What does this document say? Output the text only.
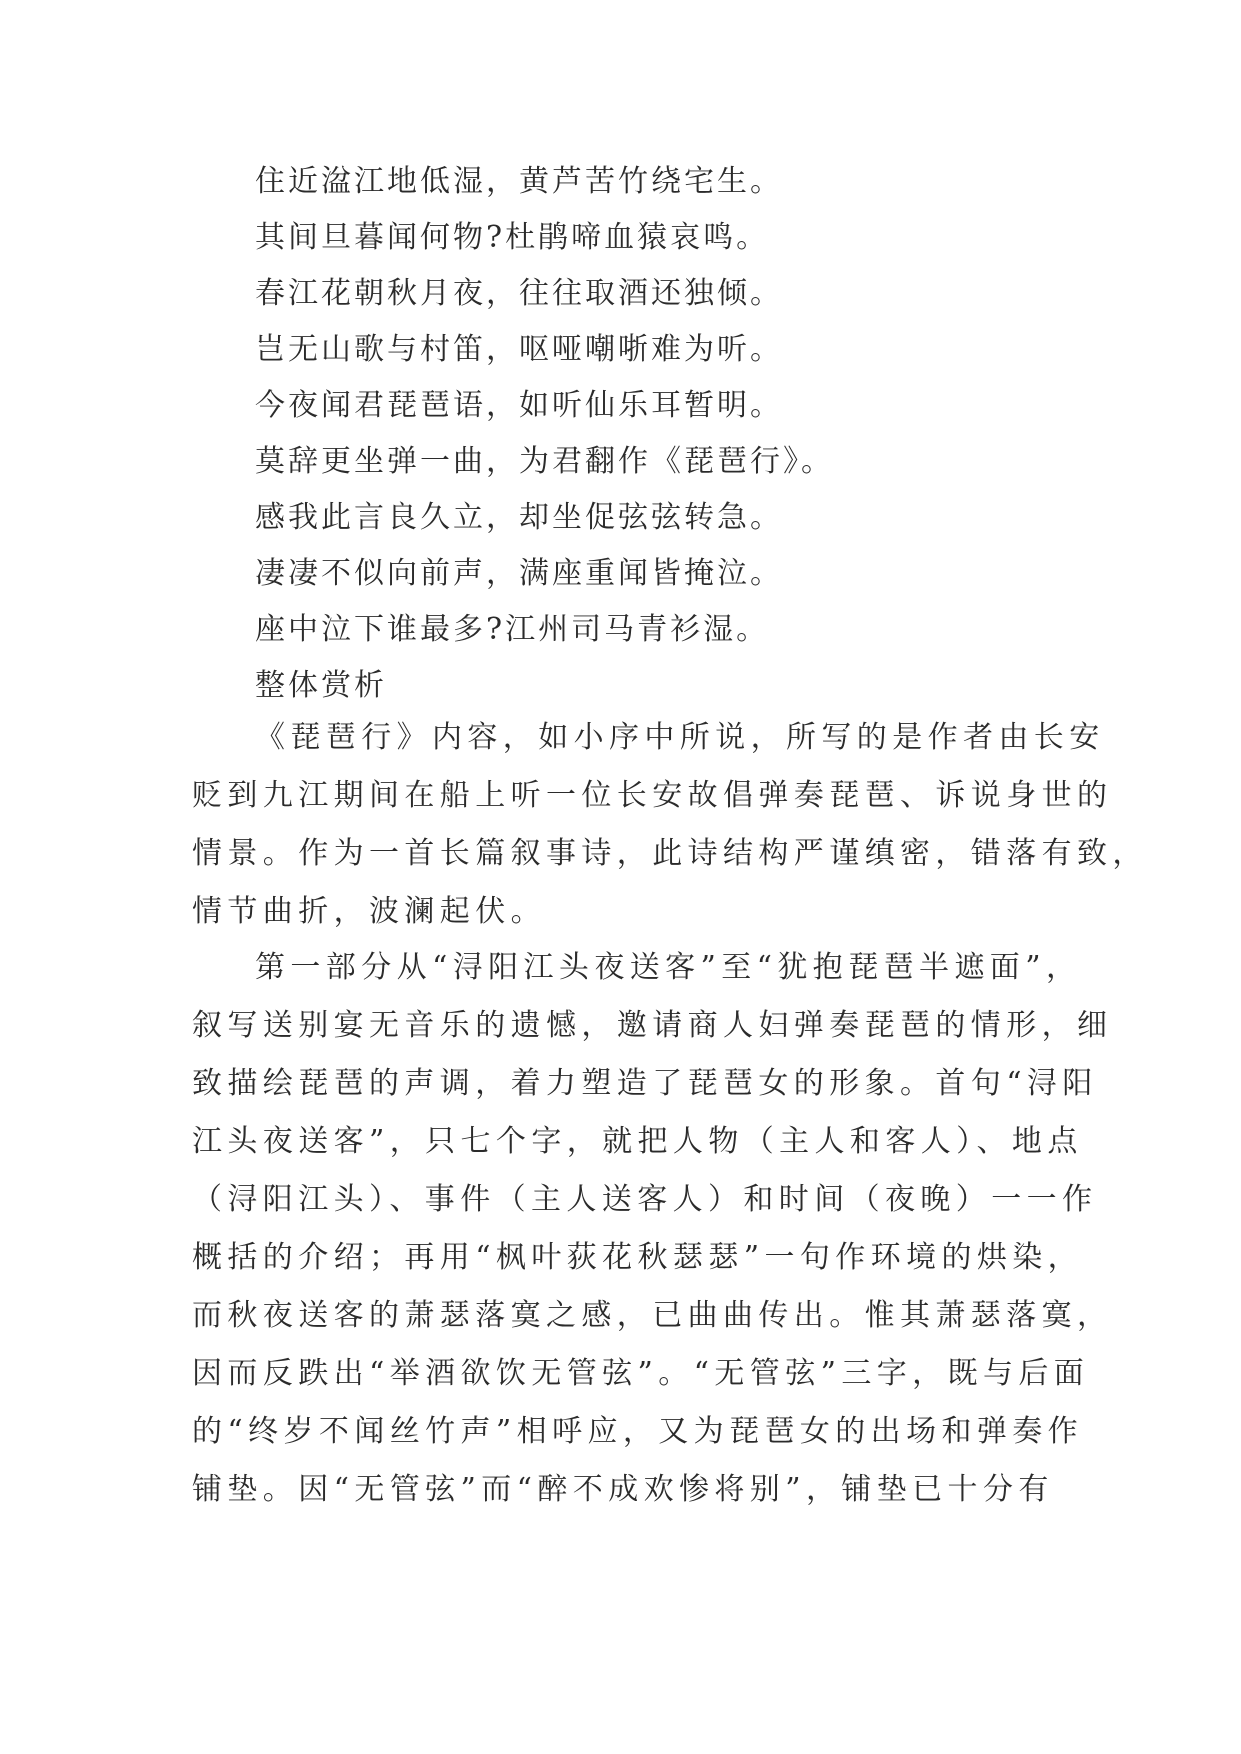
住近湓江地低湿，黄芦苦竹绕宅生。
其间旦暮闻何物?杜鹃啼血猿哀鸣。
春江花朝秋月夜，往往取酒还独倾。
岂无山歌与村笛，呕哑嘲哳难为听。
今夜闻君琵琶语，如听仙乐耳暂明。
莫辞更坐弹一曲，为君翻作《琵琶行》。
感我此言良久立，却坐促弦弦转急。
凄凄不似向前声，满座重闻皆掩泣。
座中泣下谁最多?江州司马青衫湿。
整体赏析
《琵琶行》内容，如小序中所说，所写的是作者由长安
贬到九江期间在船上听一位长安故倡弹奏琵琶、诉说身世的
情景。作为一首长篇叙事诗，此诗结构严谨缜密，错落有致，
情节曲折，波澜起伏。
第一部分从“浔阳江头夜送客”至“犹抱琵琶半遮面”，
叙写送别宴无音乐的遗憾，邀请商人妇弹奏琵琶的情形，细
致描绘琵琶的声调，着力塑造了琵琶女的形象。首句“浔阳
江头夜送客”，只七个字，就把人物（主人和客人）、地点
（浔阳江头）、事件（主人送客人）和时间（夜晚）一一作
概括的介绍；再用“枫叶荻花秋瑟瑟”一句作环境的烘染，
而秋夜送客的萧瑟落寞之感，已曲曲传出。惟其萧瑟落寞，
因而反跌出“举酒欲饮无管弦”。“无管弦”三字，既与后面
的“终岁不闻丝竹声”相呼应，又为琵琶女的出场和弹奏作
铺垫。因“无管弦”而“醉不成欢惨将别”，铺垫已十分有
